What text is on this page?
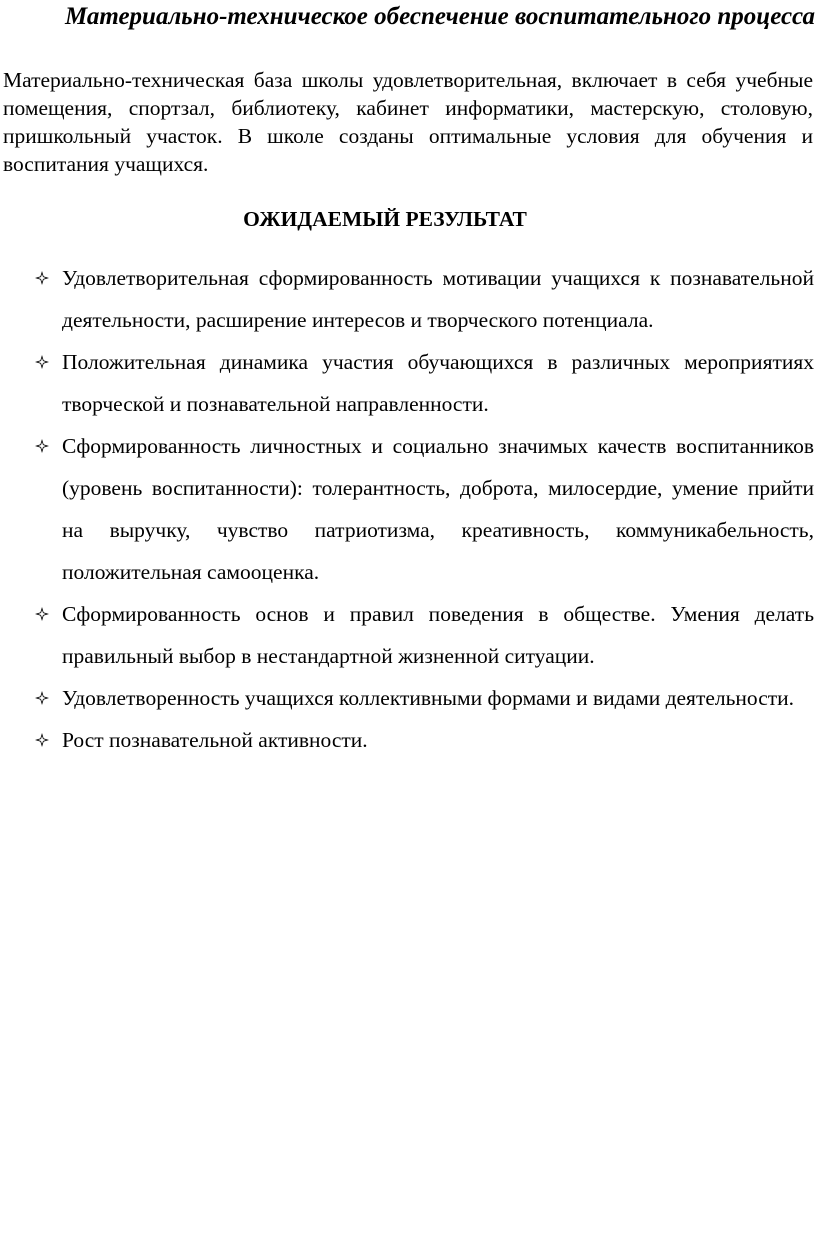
Материально-техническое обеспечение воспитательного процесса

Материально-техническая база школы удовлетворительная, включает в себя учебные помещения, спортзал, библиотеку, кабинет информатики, мастерскую, столовую, пришкольный участок. В школе созданы оптимальные условия для обучения и воспитания учащихся.

ОЖИДАЕМЫЙ РЕЗУЛЬТАТ
Удовлетворительная сформированность мотивации учащихся к познавательной деятельности, расширение интересов и творческого потенциала.
Положительная динамика участия обучающихся в различных мероприятиях творческой и познавательной направленности.
Сформированность личностных и социально значимых качеств воспитанников (уровень воспитанности): толерантность, доброта, милосердие, умение прийти на выручку, чувство патриотизма, креативность, коммуникабельность, положительная самооценка.
Сформированность основ и правил поведения в обществе. Умения делать правильный выбор в нестандартной жизненной ситуации.
Удовлетворенность учащихся коллективными формами и видами деятельности.
Рост познавательной активности.
